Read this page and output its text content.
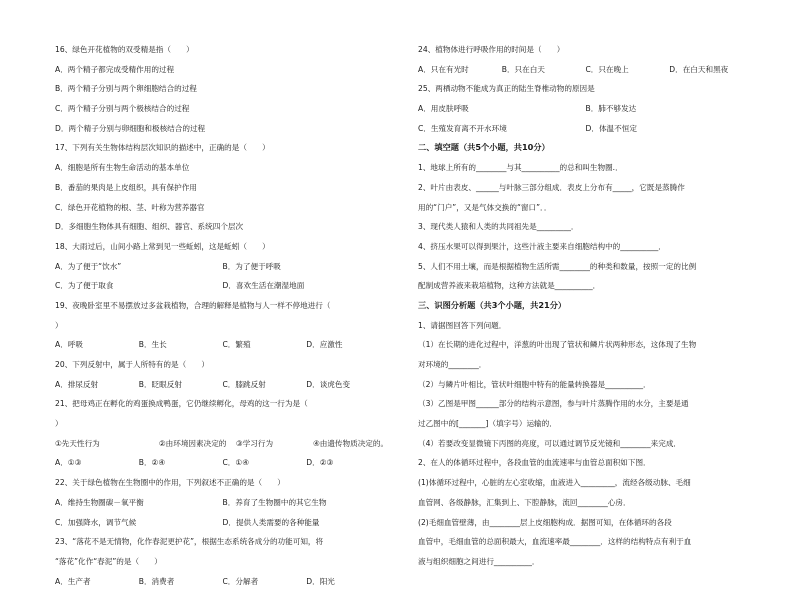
16、绿色开花植物的双受精是指（　　）
A．两个精子都完成受精作用的过程
B．两个精子分别与两个卵细胞结合的过程
C．两个精子分别与两个极核结合的过程
D．两个精子分别与卵细胞和极核结合的过程
17、下列有关生物体结构层次知识的描述中，正确的是（　　）
A．细胞是所有生物生命活动的基本单位
B．番茄的果肉是上皮组织，具有保护作用
C．绿色开花植物的根、茎、叶称为营养器官
D．多细胞生物体具有细胞、组织、器官、系统四个层次
18、大雨过后，山间小路上常到见一些蚯蚓，这是蚯蚓（　　）
A．为了便于“饮水”	B．为了便于呼吸
C．为了便于取食	D．喜欢生活在潮湿地面
19、夜晚卧室里不易摆放过多盆栽植物，合理的解释是植物与人一样不停地进行（
）
A．呼吸	B．生长	C．繁殖	D．应激性
20、下列反射中，属于人所特有的是（　　）
A．排尿反射	B．眨眼反射	C．膝跳反射	D．谈虎色变
21、把母鸡正在孵化的鸡蛋换成鸭蛋，它仍继续孵化，母鸡的这一行为是（
）
①先天性行为	②由环境因素决定的	③学习行为	④由遗传物质决定的。
A．①③	B．②④	C．①④	D．②③
22、关于绿色植物在生物圈中的作用，下列叙述不正确的是（　　）
A．维持生物圈碳－氧平衡	B．养育了生物圈中的其它生物
C．加强降水，调节气候	D．提供人类需要的各种能量
23、“落花不是无情物，化作春泥更护花”，根据生态系统各成分的功能可知，将
“落花”化作“春泥”的是（　　）
A．生产者	B．消费者	C．分解者	D．阳光
24、植物体进行呼吸作用的时间是（　　）
A．只在有光时	B．只在白天	C．只在晚上	D．在白天和黑夜
25、两栖动物不能成为真正的陆生脊椎动物的原因是
A．用皮肤呼吸	B．肺不够发达
C．生殖发育离不开水环境	D．体温不恒定
二、填空题（共5个小题，共10分）
1、地球上所有的________与其__________的总和叫生物圈.．
2、叶片由表皮、______与叶脉三部分组成．表皮上分布有_____，它既是蒸腾作
用的“门户”，又是气体交换的“窗口”．．
3、现代类人猿和人类的共同祖先是_________．
4、挤压水果可以得到果汁，这些汁液主要来自细胞结构中的__________．
5、人们不用土壤，而是根据植物生活所需________的种类和数量，按照一定的比例
配制成营养液来栽培植物，这种方法就是__________．
三、识图分析题（共3个小题，共21分）
1、请据图回答下列问题．
（1）在长期的进化过程中，洋葱的叶出现了管状和鳞片状两种形态，这体现了生物
对环境的________．
（2）与鳞片叶相比，管状叶细胞中特有的能量转换器是__________．
（3）乙图是甲图______部分的结构示意图，参与叶片蒸腾作用的水分，主要是通
过乙图中的[_______]（填字号）运输的．
（4）若要改变显微镜下丙图的亮度，可以通过调节反光镜和________来完成．
2、在人的体循环过程中，各段血管的血流速率与血管总面积如下图．
(1)体循环过程中，心脏的左心室收缩，血液进入_________，流经各级动脉、毛细
血管网、各级静脉，汇集到上、下腔静脉，流回________心房．
(2)毛细血管壁薄，由________层上皮细胞构成．据图可知，在体循环的各段
血管中，毛细血管的总面积最大，血流速率最________．这样的结构特点有利于血
液与组织细胞之间进行__________．
